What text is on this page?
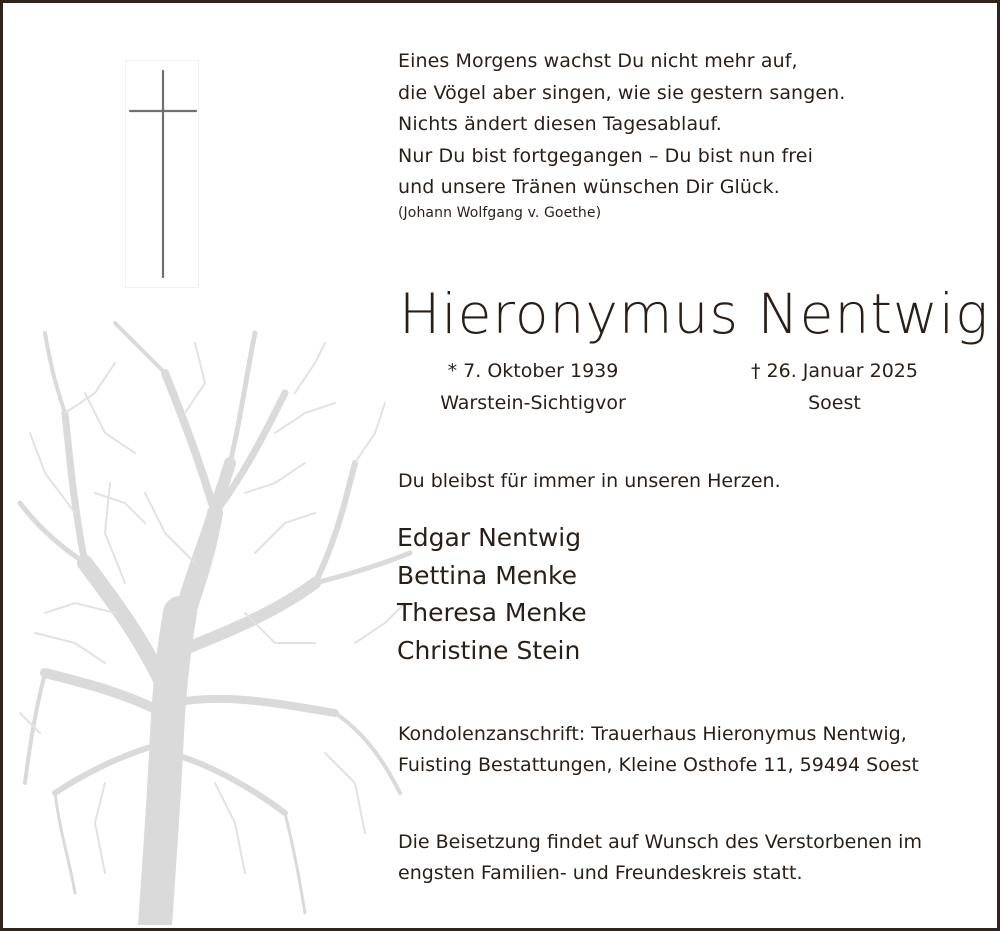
Eines Morgens wachst Du nicht mehr auf,
die Vögel aber singen, wie sie gestern sangen.
Nichts ändert diesen Tagesablauf.
Nur Du bist fortgegangen – Du bist nun frei
und unsere Tränen wünschen Dir Glück.
(Johann Wolfgang v. Goethe)
Hieronymus Nentwig
* 7. Oktober 1939
Warstein-Sichtigvor
† 26. Januar 2025
Soest
Du bleibst für immer in unseren Herzen.
Edgar Nentwig
Bettina Menke
Theresa Menke
Christine Stein
Kondolenzanschrift: Trauerhaus Hieronymus Nentwig,
Fuisting Bestattungen, Kleine Osthofe 11, 59494 Soest
Die Beisetzung findet auf Wunsch des Verstorbenen im
engsten Familien- und Freundeskreis statt.
